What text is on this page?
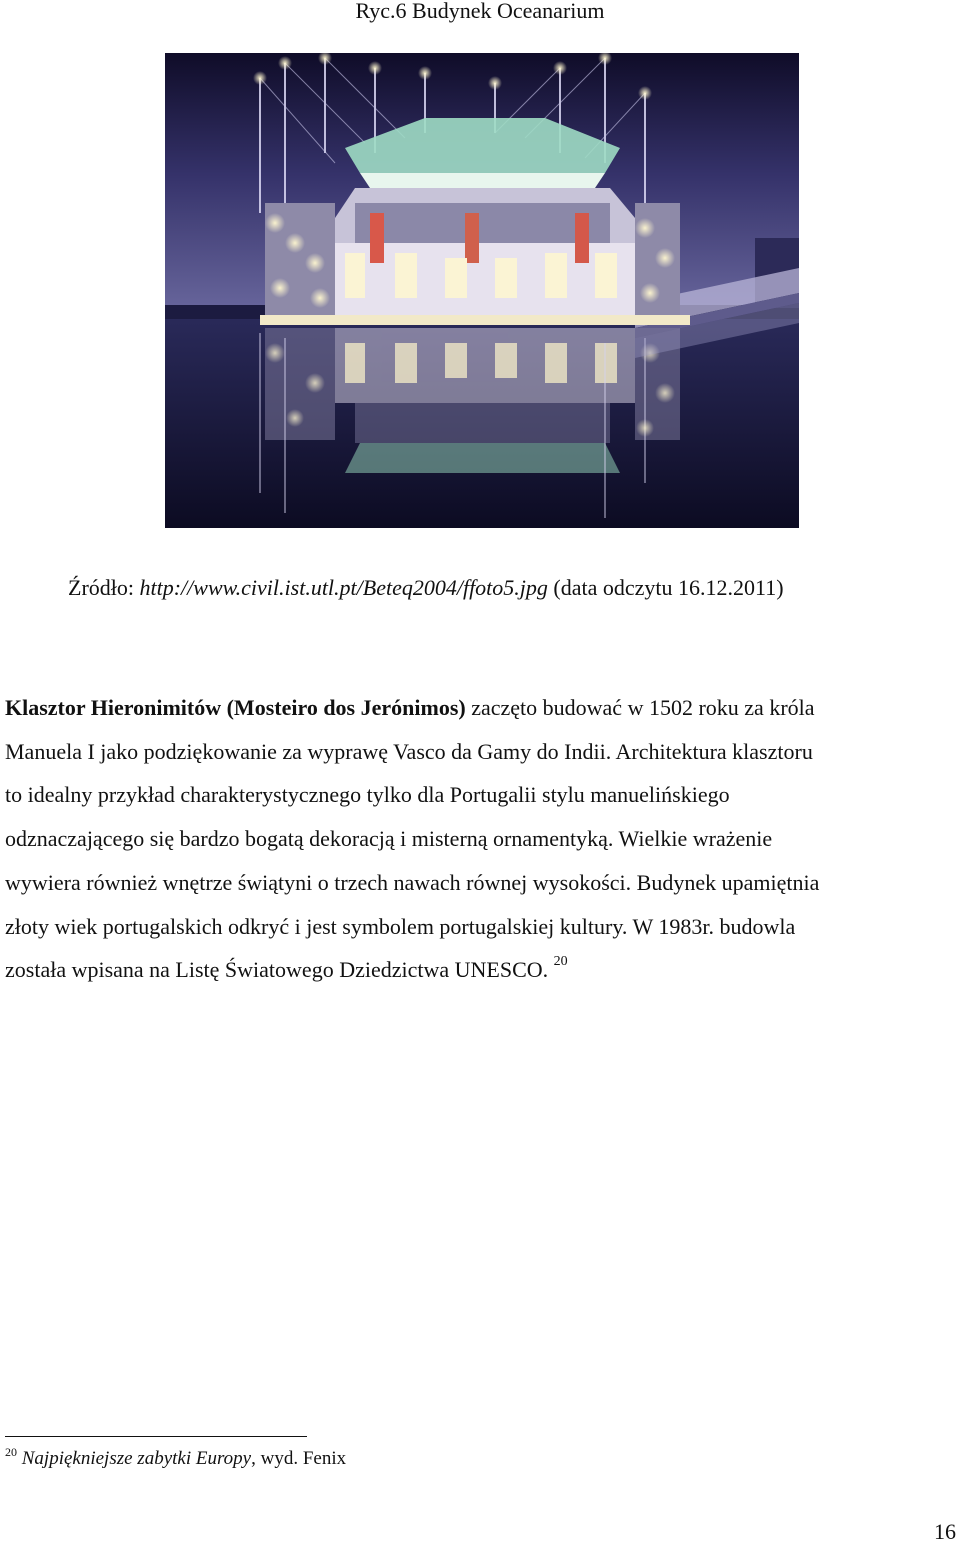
Ryc.6 Budynek Oceanarium
Źródło: http://www.civil.ist.utl.pt/Beteq2004/ffoto5.jpg (data odczytu 16.12.2011)

Klasztor Hieronimitów (Mosteiro dos Jerónimos) zaczęto budować w 1502 roku za króla
Manuela I jako podziękowanie za wyprawę Vasco da Gamy do Indii. Architektura klasztoru
to idealny przykład charakterystycznego tylko dla Portugalii stylu manuelińskiego
odznaczającego się bardzo bogatą dekoracją i misterną ornamentyką. Wielkie wrażenie
wywiera również wnętrze świątyni o trzech nawach równej wysokości. Budynek upamiętnia
złoty wiek portugalskich odkryć i jest symbolem portugalskiej kultury. W 1983r. budowla
została wpisana na Listę Światowego Dziedzictwa UNESCO. $^{20}$

$^{20}$ Najpiękniejsze zabytki Europy, wyd. Fenix
16
